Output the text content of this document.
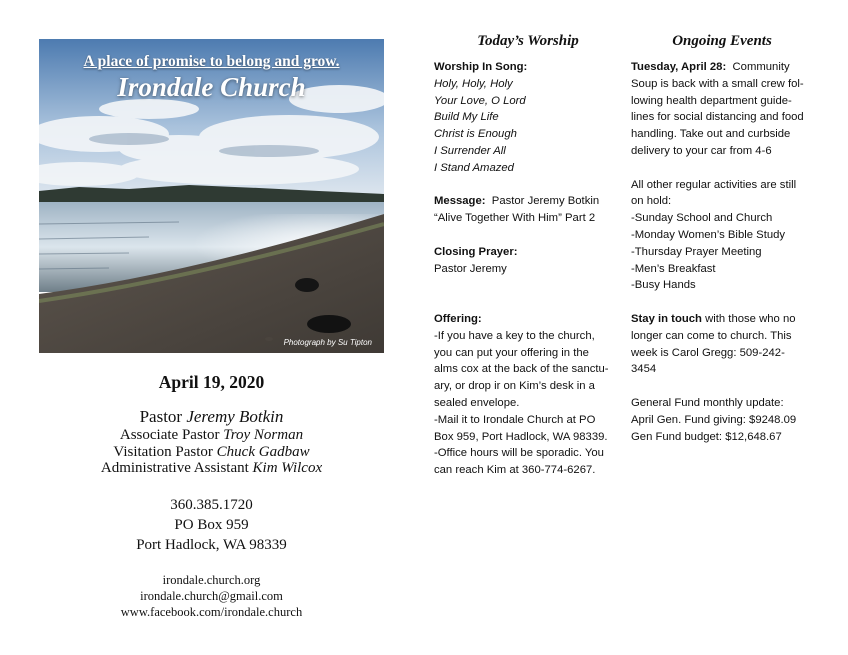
A place of promise to belong and grow.
Irondale Church
Photograph by Su Tipton
April 19, 2020
Pastor Jeremy Botkin
Associate Pastor Troy Norman
Visitation Pastor Chuck Gadbaw
Administrative Assistant Kim Wilcox
360.385.1720
PO Box 959
Port Hadlock, WA 98339
irondale.church.org
irondale.church@gmail.com
www.facebook.com/irondale.church
Today’s Worship
Worship In Song:
Holy, Holy, Holy
Your Love, O Lord
Build My Life
Christ is Enough
I Surrender All
I Stand Amazed
Message: Pastor Jeremy Botkin
“Alive Together With Him” Part 2
Closing Prayer:
Pastor Jeremy
Offering:
-If you have a key to the church,
you can put your offering in the
alms cox at the back of the sanctu-
ary, or drop ir on Kim’s desk in a
sealed envelope.
-Mail it to Irondale Church at PO
Box 959, Port Hadlock, WA 98339.
-Office hours will be sporadic. You
can reach Kim at 360-774-6267.
Ongoing Events
Tuesday, April 28: Community
Soup is back with a small crew fol-
lowing health department guide-
lines for social distancing and food
handling. Take out and curbside
delivery to your car from 4-6
All other regular activities are still
on hold:
-Sunday School and Church
-Monday Women’s Bible Study
-Thursday Prayer Meeting
-Men’s Breakfast
-Busy Hands
Stay in touch with those who no
longer can come to church. This
week is Carol Gregg: 509-242-
3454
General Fund monthly update:
April Gen. Fund giving: $9248.09
Gen Fund budget: $12,648.67
